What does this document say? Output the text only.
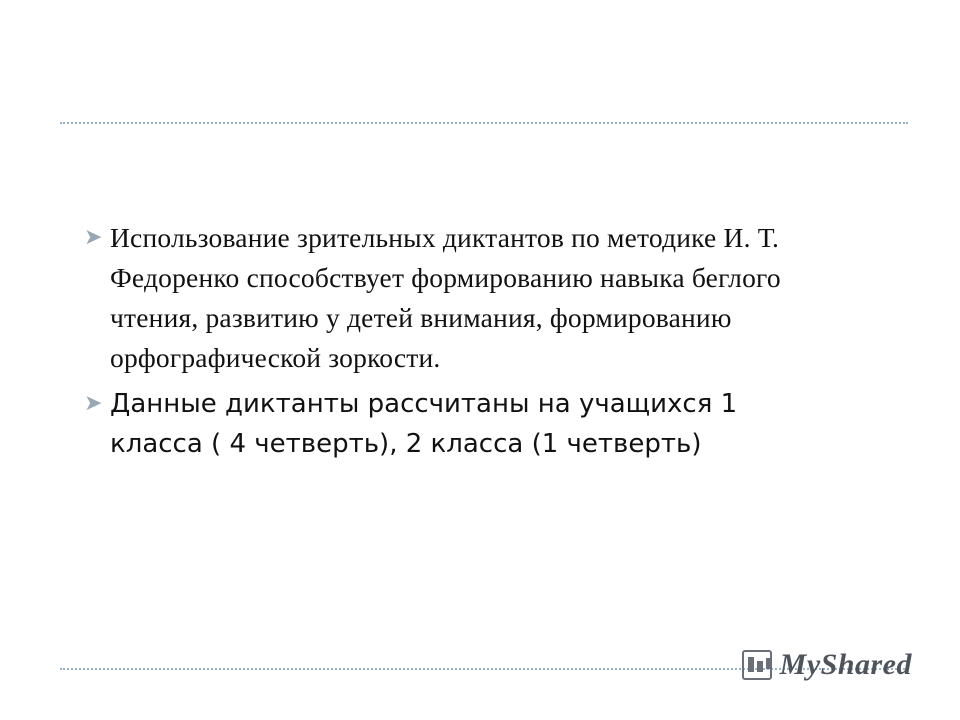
➤ Использование зрительных диктантов по методике И. Т. Федоренко способствует формированию навыка беглого чтения, развитию у детей внимания, формированию орфографической зоркости.
➤ Данные диктанты рассчитаны на учащихся 1 класса ( 4 четверть), 2 класса (1 четверть)
MyShared
